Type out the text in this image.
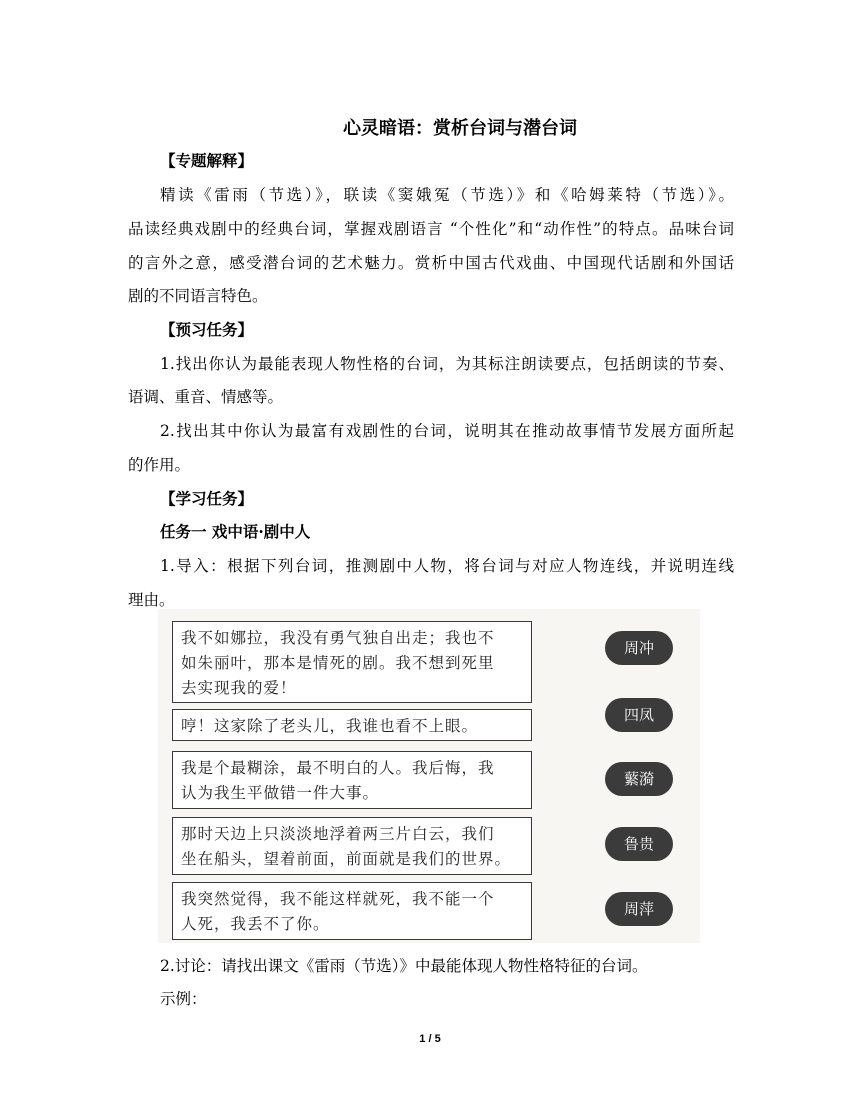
心灵暗语：赏析台词与潜台词
【专题解释】
精读《雷雨（节选）》，联读《窦娥冤（节选）》和《哈姆莱特（节选）》。
品读经典戏剧中的经典台词，掌握戏剧语言 “个性化”和“动作性”的特点。品味台词
的言外之意，感受潜台词的艺术魅力。赏析中国古代戏曲、中国现代话剧和外国话
剧的不同语言特色。
【预习任务】
1.找出你认为最能表现人物性格的台词，为其标注朗读要点，包括朗读的节奏、
语调、重音、情感等。
2.找出其中你认为最富有戏剧性的台词，说明其在推动故事情节发展方面所起
的作用。
【学习任务】
任务一 戏中语·剧中人
1.导入：根据下列台词，推测剧中人物，将台词与对应人物连线，并说明连线
理由。
我不如娜拉，我没有勇气独自出走；我也不
如朱丽叶，那本是情死的剧。我不想到死里
去实现我的爱！
哼！这家除了老头儿，我谁也看不上眼。
我是个最糊涂，最不明白的人。我后悔，我
认为我生平做错一件大事。
那时天边上只淡淡地浮着两三片白云，我们
坐在船头，望着前面，前面就是我们的世界。
我突然觉得，我不能这样就死，我不能一个
人死，我丢不了你。
周冲
四凤
蘩漪
鲁贵
周萍
2.讨论：请找出课文《雷雨（节选）》中最能体现人物性格特征的台词。
示例：
1 / 5
